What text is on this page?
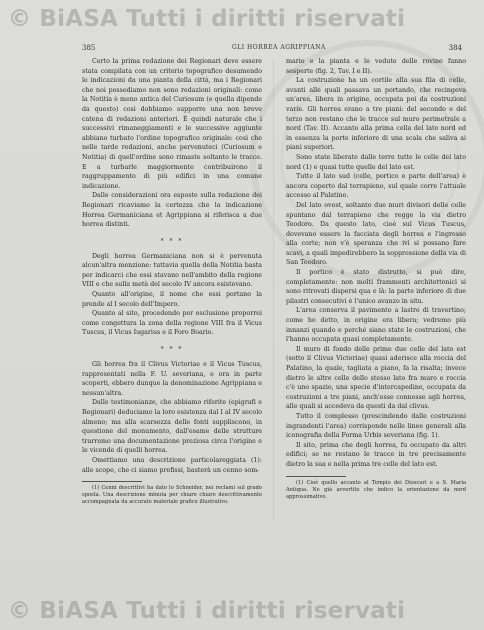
© BiASA Tutti i diritti riservati
385	GLI HORREA AGRIPPIANA	384

Certo la prima redazione dei Regionari deve essere stata compilata con un criterio topografico desumendo le indicazioni da una pianta della città, ma i Regionari che noi possediamo non sono redazioni originali: come la Notitia è meno antica del Curiosum (e quella dipende da questo) così dobbiamo supporre una non breve catena di redazioni anteriori. È quindi naturale che i successivi rimaneggiamenti e le successive aggiunte abbiano turbato l'ordine topografico originale: così che nelle tarde redazioni, anche pervenuteci (Curiosum e Notitia) di quell'ordine sono rimaste soltanto le tracce. E a turbarle maggiormente contribuirono il raggruppamento di più edifici in una comune indicazione.

Dalle considerazioni ora esposte sulla redazione dei Regionari ricaviamo la certezza che la indicazione Horrea Germaniciana et Agrippiana si riferisca a due horrea distinti.

* * *

Degli horrea Germaniciana non si è pervenuta alcun'altra menzione: tuttavia quella della Notitia basta per indicarci che essi stavano nell'ambito della regione VIII e che sulla metà del secolo IV ancora esistevano.

Quanto all'origine, il nome che essi portano la prende al I secolo dell'Impero.

Quanto al sito, procedendo per esclusione proporrei come congettura la zona della regione VIII fra il Vicus Tuscus, il Vicus Iugarius e il Foro Boario.

* * *

Gli horrea fra il Clivus Victoriae e il Vicus Tuscus, rappresentati nella F. U. severiana, e ora in parte scoperti, ebbero dunque la denominazione Agrippiana e nessun'altra.

Dalle testimonianze, che abbiamo riferite (epigrafi e Regionari) deduciamo la loro esistenza dal I al IV secolo almeno; ma alla scarsezza delle fonti suppliscono, in questione del monumento, dall'esame delle strutture trarremo una documentazione preziosa circa l'origine e le vicende di quelli horrea.

Omettiamo una descrizione particolareggiata (1): alle scope, che ci siamo prefissi, basterà un cenno som-

(1) Cenni descrittivi ha dato lo Schneider, nei reclami sul grado sposta. Una descrizione minuta per chiaro chiaro descrittivamente accompagnata da accurato materiale grafico illustrativo.

mario e la pianta e le vedute delle rovine fanno sesperte (fig. 2, Tav. I e II).

La costruzione ha un cortile alla sua fila di celle, avanti alle quali passava un portando, che recingeva un'area, libera in origine, occupata poi da costruzioni varie. Gli horrea erano a tre piani: del secondo e del terzo non restano che le tracce sul muro perimetrale a nord (Tav. II). Accanto alla prima cella del lato nord ed in essenza la porte inferiore di una scala che saliva ai piani superiori.

Sono state liberate dalle terre tutte le celle del lato nord (1) e quasi tutte quelle del lato est.

Tutte il lato sud (celle, portico e parte dell'area) è ancora coperto dal terrapieno, sul quale corre l'attuale accesso al Palatino.

Del lato ovest, soltanto due muri divisori delle celle spuntano dal terrapieno che regge la via dietro Teodoro. Da questo lato, cioè sul Vicus Tuscus, dovevano essere la facciata degli horrea e l'ingresso alla corte; non v'è speranza che ivi si possano fare scavi, a quali impedirebbero la soppressione della via di San Teodoro.

Il portico è stato distrutto, si può dire, completamente: non molti frammenti architettonici si sono ritrovati dispersi qua e là: la parte inferiore di due pilastri consecutivi è l'unico avanzo in situ.

L'area conserva il pavimento a lastre di travertino; come ho detto, in origine era libera; vedremo più innanzi quando e perché siano state le costruzioni, che l'hanno occupata quasi completamente.

Il muro di fondo delle prime due celle del lato est (sotto il Clivus Victoriae) quasi aderisce alla roccia del Palatino, la quale, tagliata a piano, fa la risalta; invece dietro le altre celle dello stesso lato fra muro e roccia c'è uno spazio, una specie d'intercapedine, occupata da costruzioni a tre piani, anch'esse connesse agli horrea, alle quali si accedeva da questi da dal clivus.

Tutto il complesso (prescindendo dalle costruzioni ingrandenti l'area) corrisponde nelle linee generali alla iconografia della Forma Urbis severiana (fig. 1).

Il sito, prima che degli horrea, fu occupato da altri edifici; se ne restano le tracce in tre precisamente dietro la sua e nella prima tre celle del lato est.

(1) Cioè quello accanto al Tempio dei Dioscuri e a S. Maria Antiqua. Ne già avvertito che indico la orientazione da nord approssimativo.

© BiASA Tutti i diritti riservati
